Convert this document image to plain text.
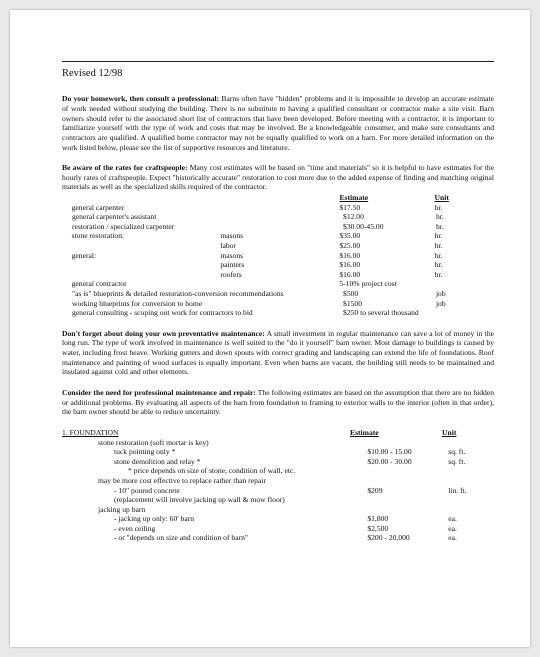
Revised 12/98

Do your homework, then consult a professional: Barns often have "hidden" problems and it is impossible to develop an accurate estimate of work needed without studying the building. There is no substitute to having a qualified consultant or contractor make a site visit. Barn owners should refer to the associated short list of contractors that have been developed. Before meeting with a contractor, it is important to familiarize yourself with the type of work and costs that may be involved. Be a knowledgeable consumer, and make sure consultants and contractors are qualified. A qualified home contractor may not be equally qualified to work on a barn. For more detailed information on the work listed below, please see the list of supportive resources and literature.

Be aware of the rates for craftspeople: Many cost estimates will be based on "time and materials" so it is helpful to have estimates for the hourly rates of craftspeople. Expect "historically accurate" restoration to cost more due to the added expense of finding and matching original materials as well as the specialized skills required of the contractor.

Estimate	Unit
general carpenter	$17.50	hr.
general carpenter's assistant	$12.00	hr.
restoration / specialized carpenter	$30.00-45.00	hr.
stone restoration:	masons	$35.00	hr.
labor	$25.00	hr.
general:	masons	$16.00	hr.
painters	$16.00	hr.
roofers	$16.00	hr.
general contractor	5-10% project cost
"as is" blueprints & detailed restoration-conversion recommendations	$500	job
working blueprints for conversion to home	$1500	job
general consulting - scoping out work for contractors to bid	$250 to several thousand

Don't forget about doing your own preventative maintenance: A small investment in regular maintenance can save a lot of money in the long run. The type of work involved in maintenance is well suited to the "do it yourself" barn owner. Most damage to buildings is caused by water, including frost heave. Working gutters and down spouts with correct grading and landscaping can extend the life of foundations. Roof maintenance and painting of wood surfaces is equally important. Even when barns are vacant, the building still needs to be maintained and insulated against cold and other elements.

Consider the need for professional maintenance and repair: The following estimates are based on the assumption that there are no hidden or additional problems. By evaluating all aspects of the barn from foundation to framing to exterior walls to the interior (often in that order), the barn owner should be able to reduce uncertainty.

1. FOUNDATION	Estimate	Unit
stone restoration (soft mortar is key)
tuck pointing only *	$10.00 - 15.00	sq. ft.
stone demolition and relay *	$20.00 - 30.00	sq. ft.
* price depends on size of stone, condition of wall, etc.
may be more cost effective to replace rather than repair
- 10" poured concrete	$209	lin. ft.
(replacement will involve jacking up wall & mow floor)
jacking up barn
- jacking up only: 60' barn	$1,800	ea.
- even ceiling	$2,500	ea.
- or "depends on size and condition of barn"	$200 - 20,000	ea.
